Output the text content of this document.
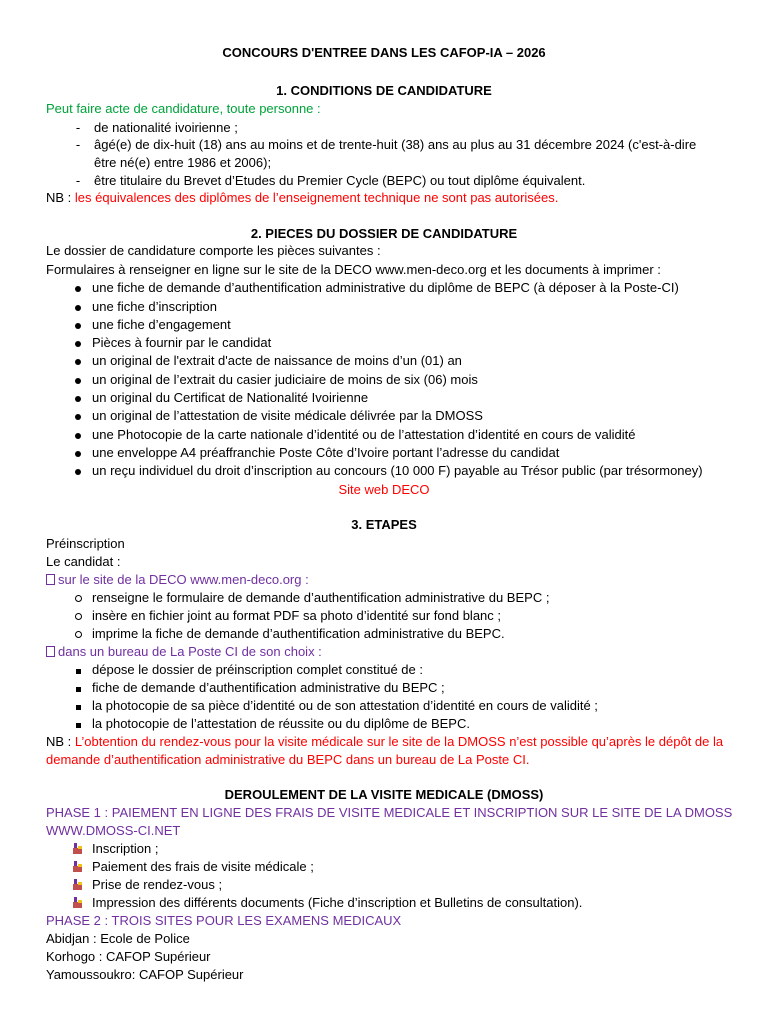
CONCOURS D'ENTREE DANS LES CAFOP-IA – 2026
1. CONDITIONS DE CANDIDATURE
Peut faire acte de candidature, toute personne :
-	de nationalité ivoirienne ;
-	âgé(e) de dix-huit (18) ans au moins et de trente-huit (38) ans au plus au 31 décembre 2024 (c'est-à-dire être né(e) entre 1986 et 2006);
-	être titulaire du Brevet d’Etudes du Premier Cycle (BEPC) ou tout diplôme équivalent.
NB : les équivalences des diplômes de l’enseignement technique ne sont pas autorisées.
2. PIECES DU DOSSIER DE CANDIDATURE
Le dossier de candidature comporte les pièces suivantes :
Formulaires à renseigner en ligne sur le site de la DECO www.men-deco.org et les documents à imprimer :
une fiche de demande d’authentification administrative du diplôme de BEPC (à déposer à la Poste-CI)
une fiche d’inscription
une fiche d’engagement
Pièces à fournir par le candidat
un original de l'extrait d'acte de naissance de moins d’un (01) an
un original de l’extrait du casier judiciaire de moins de six (06) mois
un original du Certificat de Nationalité Ivoirienne
un original de l’attestation de visite médicale délivrée par la DMOSS
une Photocopie de la carte nationale d’identité ou de l’attestation d’identité en cours de validité
une enveloppe A4 préaffranchie Poste Côte d’Ivoire portant l’adresse du candidat
un reçu individuel du droit d’inscription au concours (10 000 F) payable au Trésor public (par trésormoney)
Site web DECO
3. ETAPES
Préinscription
Le candidat :
sur le site de la DECO www.men-deco.org :
renseigne le formulaire de demande d’authentification administrative du BEPC ;
insère en fichier joint au format PDF sa photo d’identité sur fond blanc ;
imprime la fiche de demande d’authentification administrative du BEPC.
dans un bureau de La Poste CI de son choix :
dépose le dossier de préinscription complet constitué de :
fiche de demande d’authentification administrative du BEPC ;
la photocopie de sa pièce d’identité ou de son attestation d’identité en cours de validité ;
la photocopie de l’attestation de réussite ou du diplôme de BEPC.
NB : L’obtention du rendez-vous pour la visite médicale sur le site de la DMOSS n’est possible qu’après le dépôt de la
demande d’authentification administrative du BEPC dans un bureau de La Poste CI.
DEROULEMENT DE LA VISITE MEDICALE (DMOSS)
PHASE 1 : PAIEMENT EN LIGNE DES FRAIS DE VISITE MEDICALE ET INSCRIPTION SUR LE SITE DE LA DMOSS
WWW.DMOSS-CI.NET
Inscription ;
Paiement des frais de visite médicale ;
Prise de rendez-vous ;
Impression des différents documents (Fiche d’inscription et Bulletins de consultation).
PHASE 2 : TROIS SITES POUR LES EXAMENS MEDICAUX
Abidjan : Ecole de Police
Korhogo : CAFOP Supérieur
Yamoussoukro: CAFOP Supérieur
